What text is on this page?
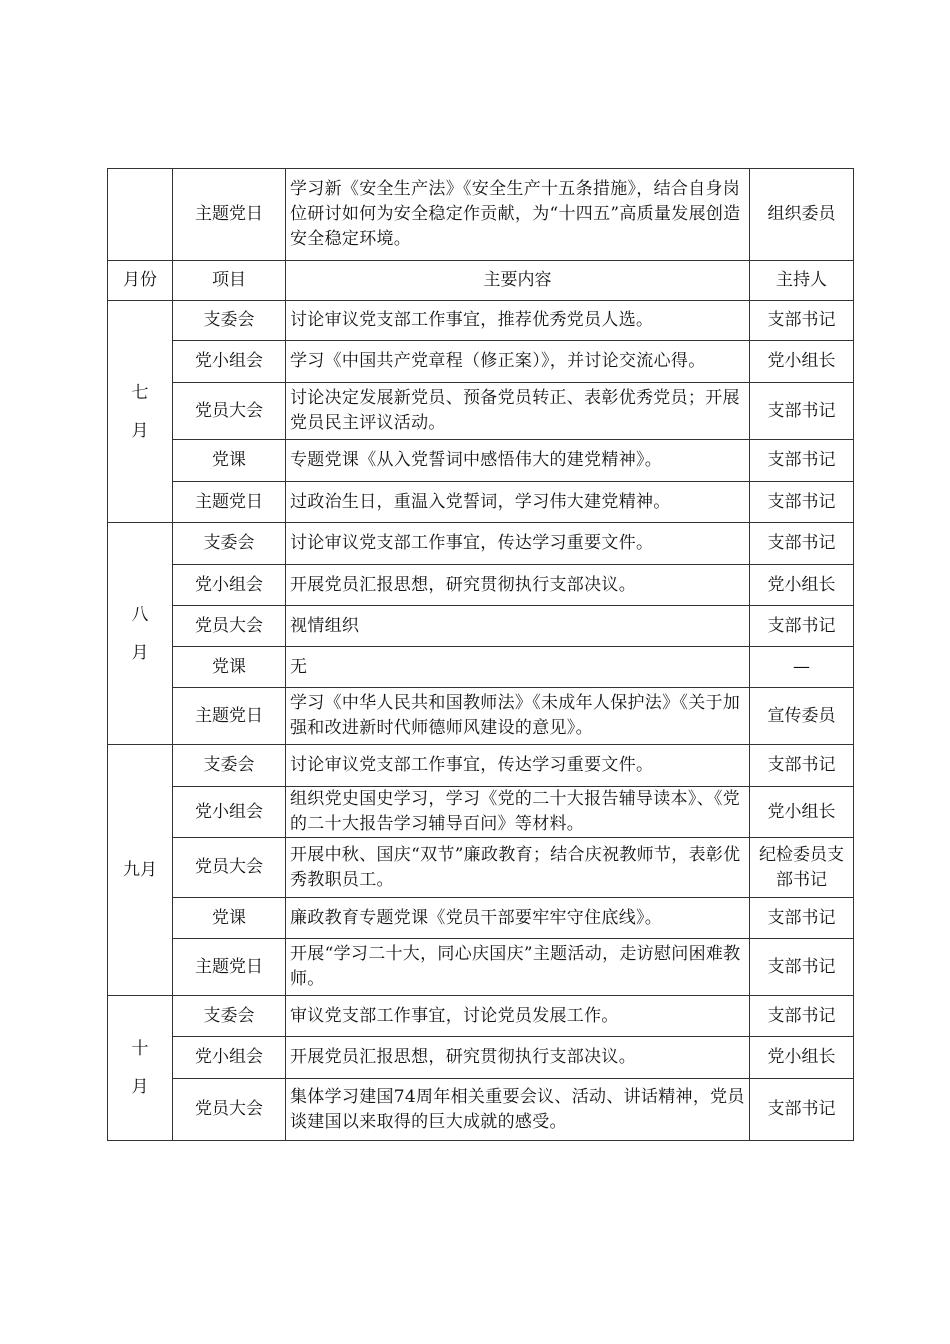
	主题党日	学习新《安全生产法》《安全生产十五条措施》，结合自身岗位研讨如何为安全稳定作贡献，为“十四五”高质量发展创造安全稳定环境。	组织委员
月份	项目	主要内容	主持人

七
月	支委会	讨论审议党支部工作事宜，推荐优秀党员人选。	支部书记
	党小组会	学习《中国共产党章程（修正案）》，并讨论交流心得。	党小组长
	党员大会	讨论决定发展新党员、预备党员转正、表彰优秀党员；开展党员民主评议活动。	支部书记
	党课	专题党课《从入党誓词中感悟伟大的建党精神》。	支部书记
	主题党日	过政治生日，重温入党誓词，学习伟大建党精神。	支部书记

八
月	支委会	讨论审议党支部工作事宜，传达学习重要文件。	支部书记
	党小组会	开展党员汇报思想，研究贯彻执行支部决议。	党小组长
	党员大会	视情组织	支部书记
	党课	无	—
	主题党日	学习《中华人民共和国教师法》《未成年人保护法》《关于加强和改进新时代师德师风建设的意见》。	宣传委员
九月	支委会	讨论审议党支部工作事宜，传达学习重要文件。	支部书记
	党小组会	组织党史国史学习，学习《党的二十大报告辅导读本》、《党的二十大报告学习辅导百问》等材料。	党小组长
	党员大会	开展中秋、国庆“双节”廉政教育；结合庆祝教师节，表彰优秀教职员工。	纪检委员支部书记
	党课	廉政教育专题党课《党员干部要牢牢守住底线》。	支部书记
	主题党日	开展“学习二十大，同心庆国庆”主题活动，走访慰问困难教师。	支部书记

十
月	支委会	审议党支部工作事宜，讨论党员发展工作。	支部书记
	党小组会	开展党员汇报思想，研究贯彻执行支部决议。	党小组长
	党员大会	集体学习建国74周年相关重要会议、活动、讲话精神，党员谈建国以来取得的巨大成就的感受。	支部书记
